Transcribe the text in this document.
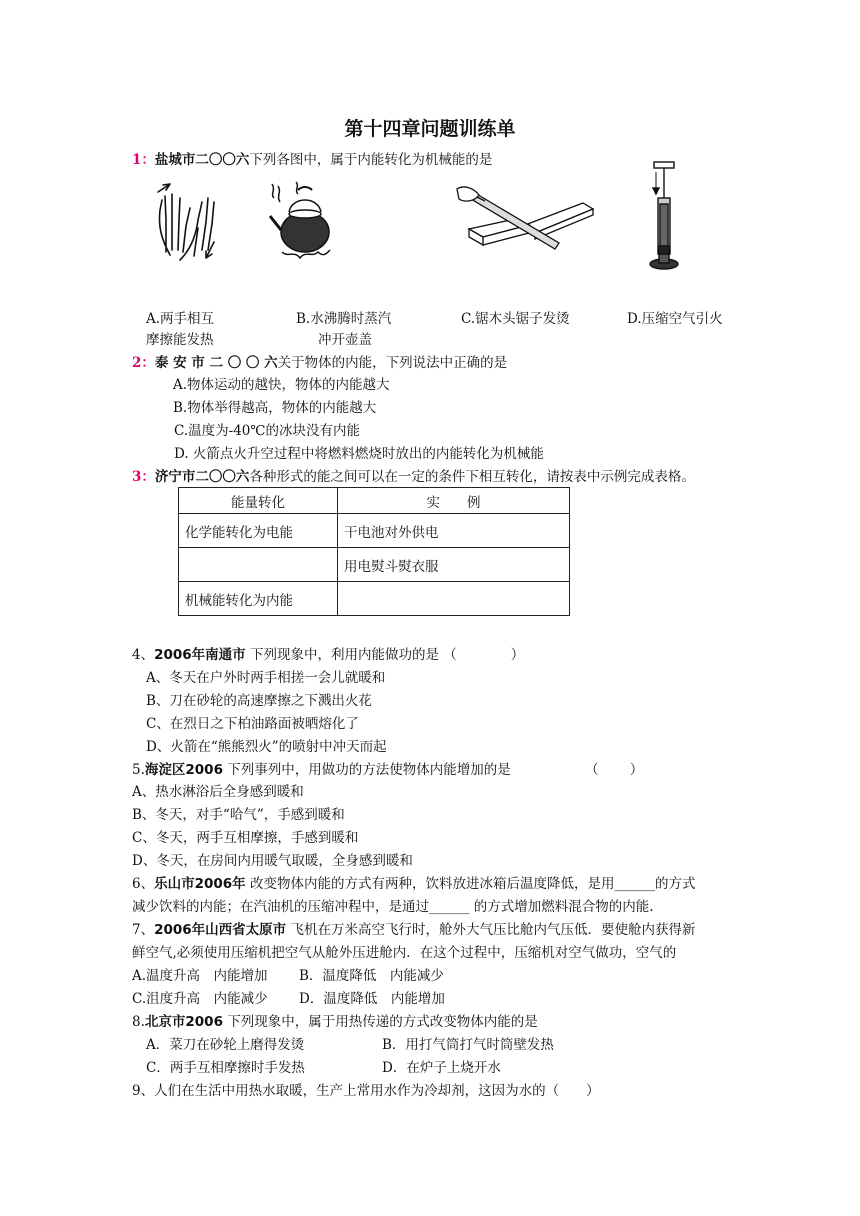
第十四章问题训练单
1：盐城市二〇〇六下列各图中，属于内能转化为机械能的是
A.两手相互
摩擦能发热
B.水沸腾时蒸汽
冲开壶盖
C.锯木头锯子发烫	D.压缩空气引火
2：泰 安 市 二 〇 〇 六关于物体的内能，下列说法中正确的是
A.物体运动的越快，物体的内能越大
B.物体举得越高，物体的内能越大
C.温度为-40℃的冰块没有内能
D. 火箭点火升空过程中将燃料燃烧时放出的内能转化为机械能
3：济宁市二〇〇六各种形式的能之间可以在一定的条件下相互转化，请按表中示例完成表格。
能量转化	实　　例
化学能转化为电能	干电池对外供电
	用电熨斗熨衣服
机械能转化为内能	
4、2006年南通市 下列现象中，利用内能做功的是 （　　　　）
A、冬天在户外时两手相搓一会儿就暖和
B、刀在砂轮的高速摩擦之下溅出火花
C、在烈日之下柏油路面被晒熔化了
D、火箭在“熊熊烈火”的喷射中冲天而起
5.海淀区2006 下列事列中，用做功的方法使物体内能增加的是　　　　　　（　　 ）
A、热水淋浴后全身感到暖和
B、冬天，对手“哈气”，手感到暖和
C、冬天，两手互相摩擦，手感到暖和
D、冬天，在房间内用暖气取暖，全身感到暖和
6、乐山市2006年 改变物体内能的方式有两种，饮料放进冰箱后温度降低，是用______的方式
减少饮料的内能；在汽油机的压缩冲程中，是通过______ 的方式增加燃料混合物的内能.
7、2006年山西省太原市 飞机在万米高空飞行时，舱外大气压比舱内气压低．要使舱内获得新
鲜空气,必须使用压缩机把空气从舱外压进舱内．在这个过程中，压缩机对空气做功，空气的
A.温度升高　内能增加 B．温度降低　内能减少
C.沮度升高　内能减少 D．温度降低　内能增加
8.北京市2006 下列现象中，属于用热传递的方式改变物体内能的是
A．菜刀在砂轮上磨得发烫	B．用打气筒打气时筒壁发热
C．两手互相摩擦时手发热	D．在炉子上烧开水
9、人们在生活中用热水取暖，生产上常用水作为冷却剂，这因为水的（　　）
